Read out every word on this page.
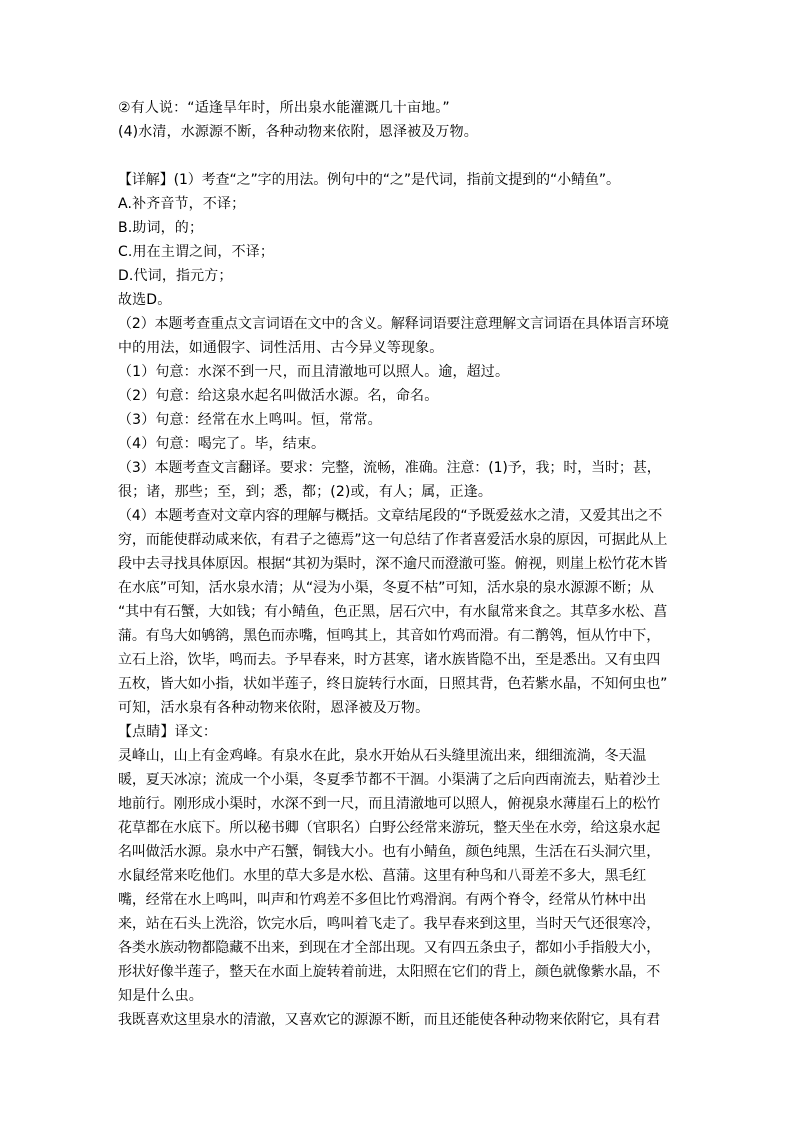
②有人说：“适逢旱年时，所出泉水能灌溉几十亩地。”
(4)水清，水源源不断，各种动物来依附，恩泽被及万物。
【详解】(1）考查“之”字的用法。例句中的“之”是代词，指前文提到的“小鲭鱼”。
A.补齐音节，不译；
B.助词，的；
C.用在主谓之间，不译；
D.代词，指元方；
故选D。
（2）本题考查重点文言词语在文中的含义。解释词语要注意理解文言词语在具体语言环境
中的用法，如通假字、词性活用、古今异义等现象。
（1）句意：水深不到一尺，而且清澈地可以照人。逾，超过。
（2）句意：给这泉水起名叫做活水源。名，命名。
（3）句意：经常在水上鸣叫。恒，常常。
（4）句意：喝完了。毕，结束。
（3）本题考查文言翻译。要求：完整，流畅，准确。注意：(1)予，我；时，当时；甚，
很；诸，那些；至，到；悉，都；(2)或，有人；属，正逢。
（4）本题考查对文章内容的理解与概括。文章结尾段的“予既爱兹水之清，又爱其出之不
穷，而能使群动咸来依，有君子之德焉”这一句总结了作者喜爱活水泉的原因，可据此从上
段中去寻找具体原因。根据“其初为渠时，深不逾尺而澄澈可鉴。俯视，则崖上松竹花木皆
在水底”可知，活水泉水清；从“浸为小渠，冬夏不枯”可知，活水泉的泉水源源不断；从
“其中有石蟹，大如钱；有小鲭鱼，色正黑，居石穴中，有水鼠常来食之。其草多水松、菖
蒲。有鸟大如鸲鹆，黑色而赤嘴，恒鸣其上，其音如竹鸡而滑。有二鹡鸰，恒从竹中下，
立石上浴，饮毕，鸣而去。予早春来，时方甚寒，诸水族皆隐不出，至是悉出。又有虫四
五枚，皆大如小指，状如半莲子，终日旋转行水面，日照其背，色若紫水晶，不知何虫也”
可知，活水泉有各种动物来依附，恩泽被及万物。
【点睛】译文：
灵峰山，山上有金鸡峰。有泉水在此，泉水开始从石头缝里流出来，细细流淌，冬天温
暖，夏天冰凉；流成一个小渠，冬夏季节都不干涸。小渠满了之后向西南流去，贴着沙土
地前行。刚形成小渠时，水深不到一尺，而且清澈地可以照人，俯视泉水薄崖石上的松竹
花草都在水底下。所以秘书卿（官职名）白野公经常来游玩，整天坐在水旁，给这泉水起
名叫做活水源。泉水中产石蟹，铜钱大小。也有小鲭鱼，颜色纯黑，生活在石头洞穴里，
水鼠经常来吃他们。水里的草大多是水松、菖蒲。这里有种鸟和八哥差不多大，黑毛红
嘴，经常在水上鸣叫，叫声和竹鸡差不多但比竹鸡滑润。有两个脊令，经常从竹林中出
来，站在石头上洗浴，饮完水后，鸣叫着飞走了。我早春来到这里，当时天气还很寒冷，
各类水族动物都隐藏不出来，到现在才全部出现。又有四五条虫子，都如小手指般大小，
形状好像半莲子，整天在水面上旋转着前进，太阳照在它们的背上，颜色就像紫水晶，不
知是什么虫。
我既喜欢这里泉水的清澈，又喜欢它的源源不断，而且还能使各种动物来依附它，具有君
